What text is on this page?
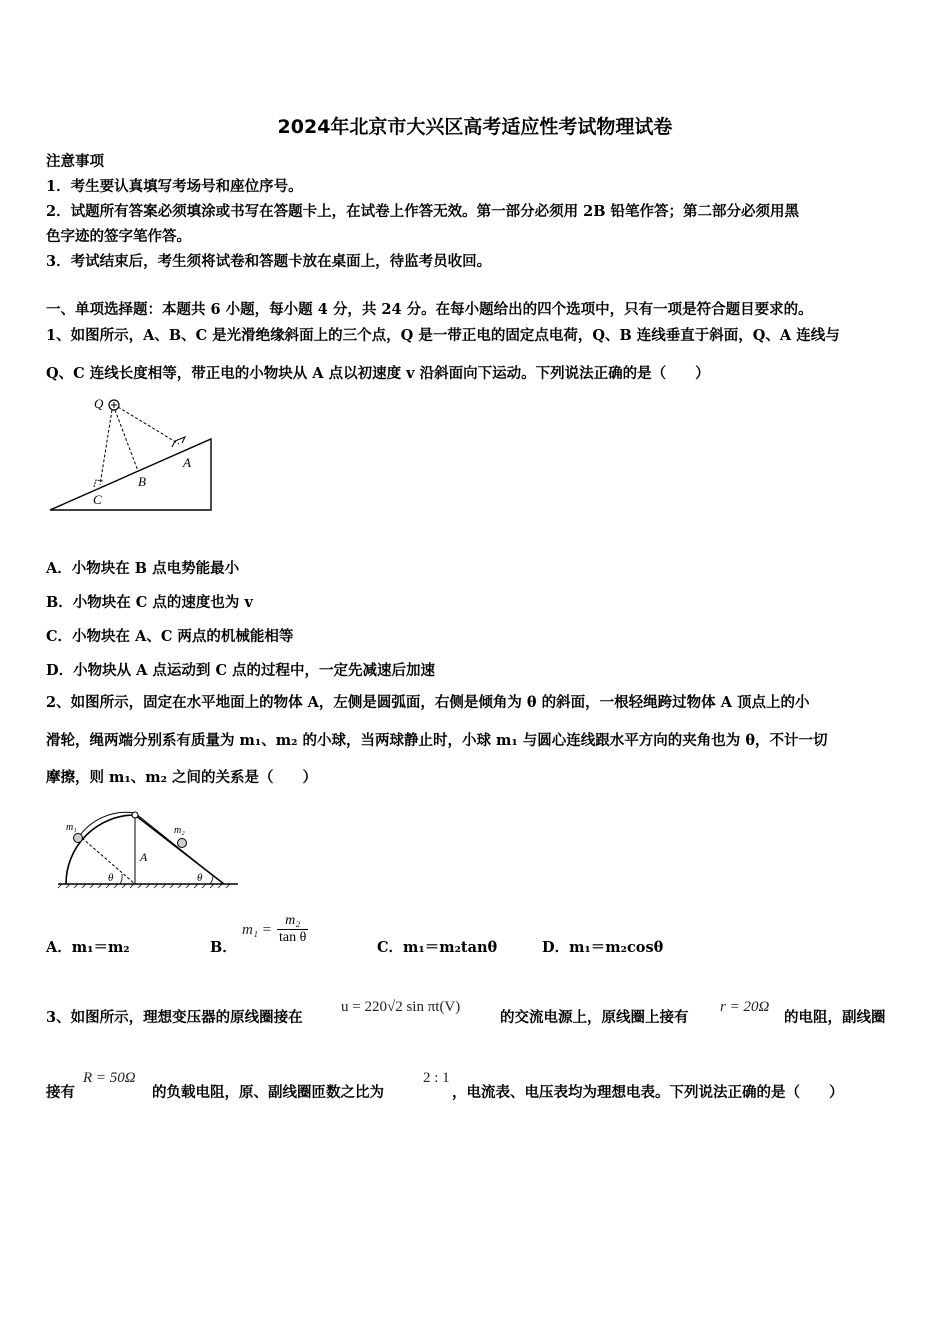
2024年北京市大兴区高考适应性考试物理试卷
注意事项
1．考生要认真填写考场号和座位序号。
2．试题所有答案必须填涂或书写在答题卡上，在试卷上作答无效。第一部分必须用 2B 铅笔作答；第二部分必须用黑
色字迹的签字笔作答。
3．考试结束后，考生须将试卷和答题卡放在桌面上，待监考员收回。
一、单项选择题：本题共 6 小题，每小题 4 分，共 24 分。在每小题给出的四个选项中，只有一项是符合题目要求的。
1、如图所示，A、B、C 是光滑绝缘斜面上的三个点，Q 是一带正电的固定点电荷，Q、B 连线垂直于斜面，Q、A 连线与
Q、C 连线长度相等，带正电的小物块从 A 点以初速度 v 沿斜面向下运动。下列说法正确的是（　　）
Q
A
B
C
A．小物块在 B 点电势能最小
B．小物块在 C 点的速度也为 v
C．小物块在 A、C 两点的机械能相等
D．小物块从 A 点运动到 C 点的过程中，一定先减速后加速
2、如图所示，固定在水平地面上的物体 A，左侧是圆弧面，右侧是倾角为 θ 的斜面，一根轻绳跨过物体 A 顶点上的小
滑轮，绳两端分别系有质量为 m₁、m₂ 的小球，当两球静止时，小球 m₁ 与圆心连线跟水平方向的夹角也为 θ，不计一切
摩擦，则 m₁、m₂ 之间的关系是（　　）
m₁	m₂
A
θ	θ
A．m₁＝m₂	B．
$m_1 = \frac{\text{m₂}}{\text{tan θ}}$
C．m₁＝m₂tanθ	D．m₁＝m₂cosθ
3、如图所示，理想变压器的原线圈接在
u = 220√2 sin πt(V)
的交流电源上，原线圈上接有
r = 20Ω
的电阻，副线圈
接有
R = 50Ω
的负载电阻，原、副线圈匝数之比为
2 : 1
，电流表、电压表均为理想电表。下列说法正确的是（　　）
